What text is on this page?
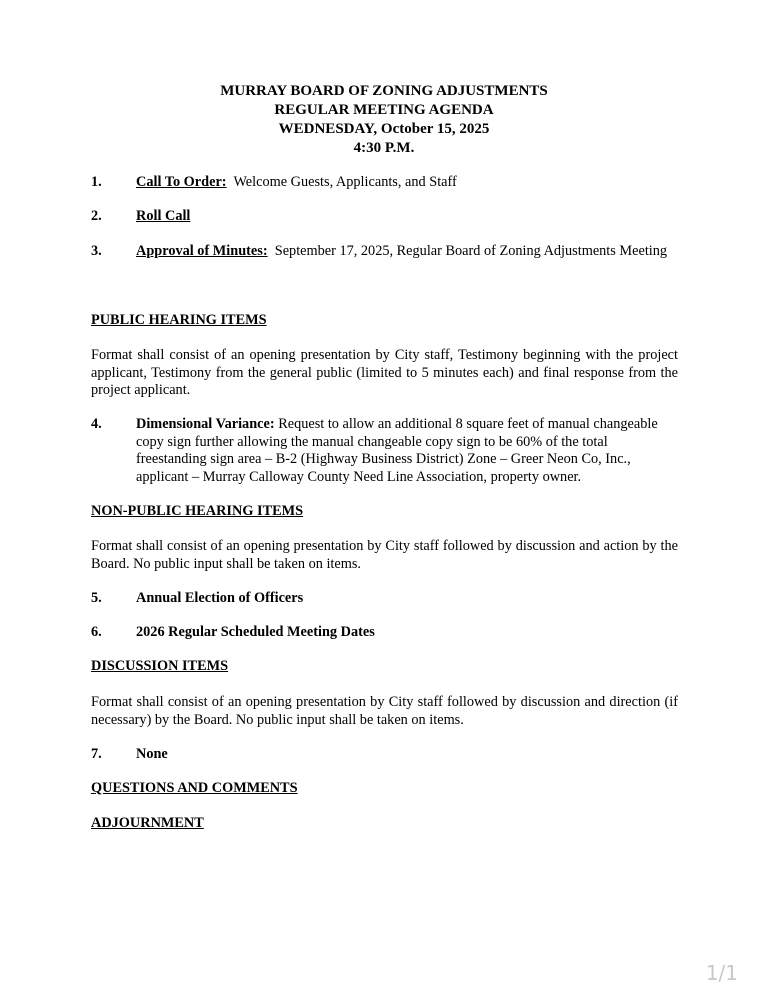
MURRAY BOARD OF ZONING ADJUSTMENTS
REGULAR MEETING AGENDA
WEDNESDAY, October 15, 2025
4:30 P.M.
1. Call To Order: Welcome Guests, Applicants, and Staff
2. Roll Call
3. Approval of Minutes: September 17, 2025, Regular Board of Zoning Adjustments Meeting
PUBLIC HEARING ITEMS
Format shall consist of an opening presentation by City staff, Testimony beginning with the project applicant, Testimony from the general public (limited to 5 minutes each) and final response from the project applicant.
4. Dimensional Variance: Request to allow an additional 8 square feet of manual changeable copy sign further allowing the manual changeable copy sign to be 60% of the total freestanding sign area – B-2 (Highway Business District) Zone – Greer Neon Co, Inc., applicant – Murray Calloway County Need Line Association, property owner.
NON-PUBLIC HEARING ITEMS
Format shall consist of an opening presentation by City staff followed by discussion and action by the Board. No public input shall be taken on items.
5. Annual Election of Officers
6. 2026 Regular Scheduled Meeting Dates
DISCUSSION ITEMS
Format shall consist of an opening presentation by City staff followed by discussion and direction (if necessary) by the Board. No public input shall be taken on items.
7. None
QUESTIONS AND COMMENTS
ADJOURNMENT
1/1
